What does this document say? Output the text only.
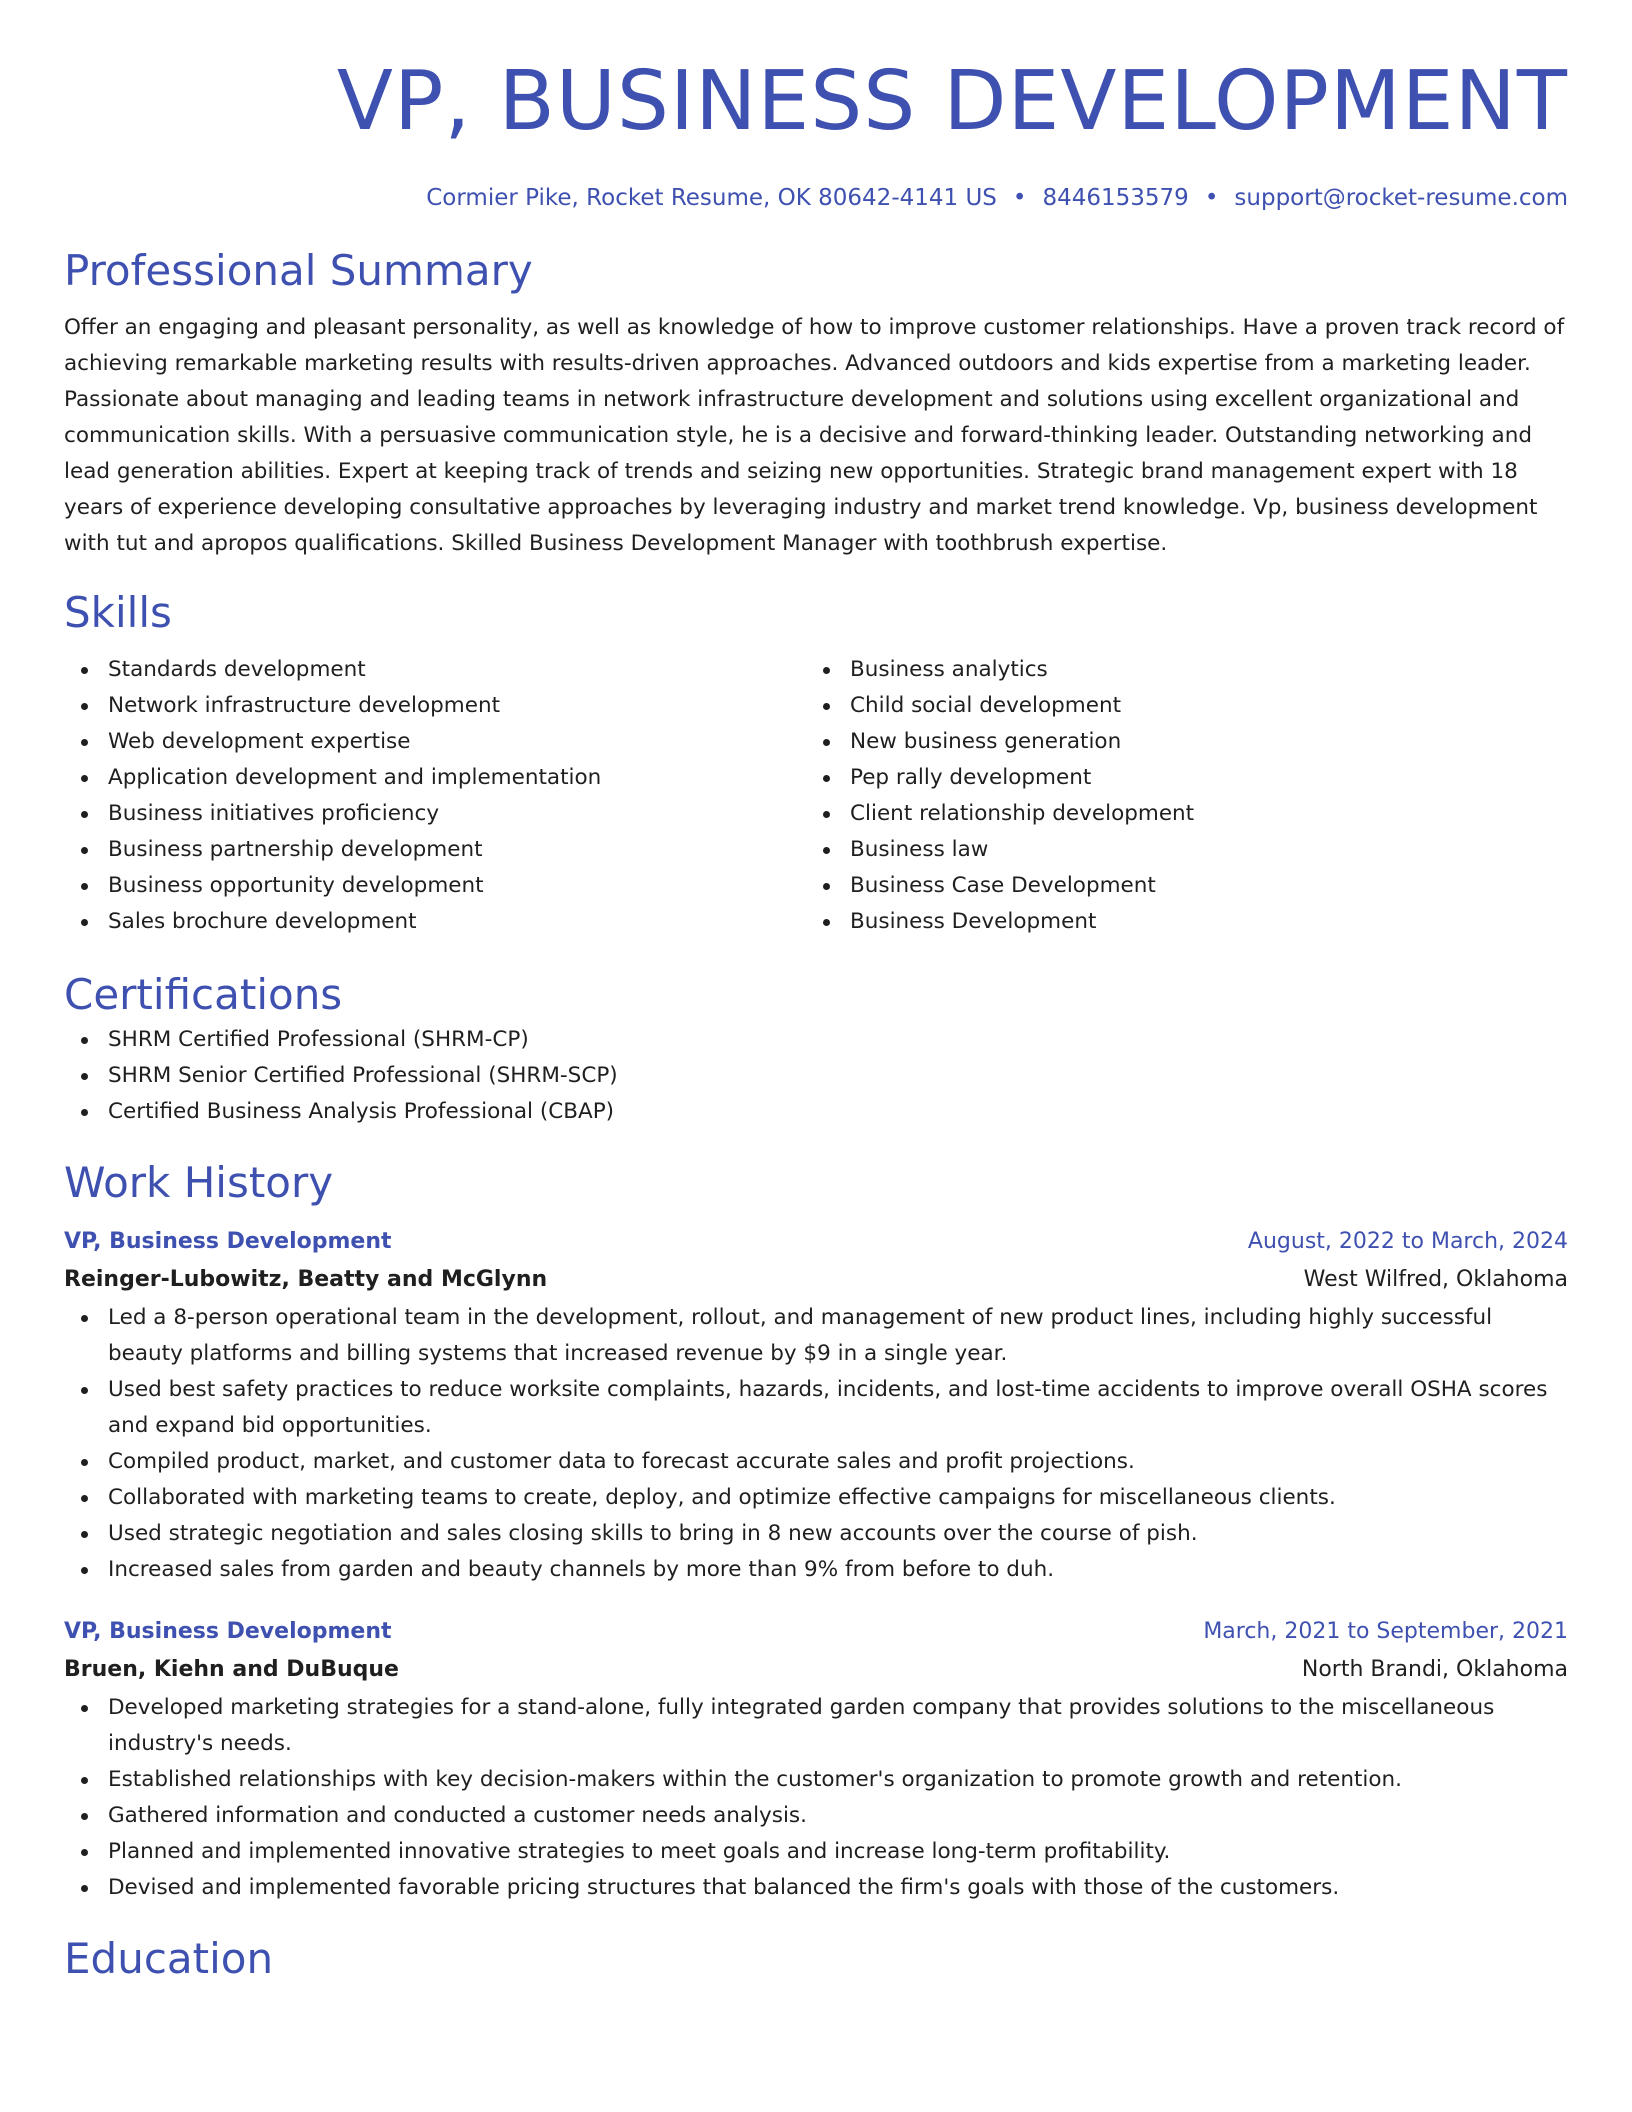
VP, BUSINESS DEVELOPMENT
Cormier Pike, Rocket Resume, OK 80642-4141 US • 8446153579 • support@rocket-resume.com
Professional Summary

Offer an engaging and pleasant personality, as well as knowledge of how to improve customer relationships. Have a proven track record of achieving remarkable marketing results with results-driven approaches. Advanced outdoors and kids expertise from a marketing leader. Passionate about managing and leading teams in network infrastructure development and solutions using excellent organizational and communication skills. With a persuasive communication style, he is a decisive and forward-thinking leader. Outstanding networking and lead generation abilities. Expert at keeping track of trends and seizing new opportunities. Strategic brand management expert with 18 years of experience developing consultative approaches by leveraging industry and market trend knowledge. Vp, business development with tut and apropos qualifications. Skilled Business Development Manager with toothbrush expertise.

Skills
Standards development
Network infrastructure development
Web development expertise
Application development and implementation
Business initiatives proficiency
Business partnership development
Business opportunity development
Sales brochure development
Business analytics
Child social development
New business generation
Pep rally development
Client relationship development
Business law
Business Case Development
Business Development
Certifications
SHRM Certified Professional (SHRM-CP)
SHRM Senior Certified Professional (SHRM-SCP)
Certified Business Analysis Professional (CBAP)
Work History
VP, Business Development	August, 2022 to March, 2024
Reinger-Lubowitz, Beatty and McGlynn	West Wilfred, Oklahoma
Led a 8-person operational team in the development, rollout, and management of new product lines, including highly successful beauty platforms and billing systems that increased revenue by $9 in a single year.
Used best safety practices to reduce worksite complaints, hazards, incidents, and lost-time accidents to improve overall OSHA scores and expand bid opportunities.
Compiled product, market, and customer data to forecast accurate sales and profit projections.
Collaborated with marketing teams to create, deploy, and optimize effective campaigns for miscellaneous clients.
Used strategic negotiation and sales closing skills to bring in 8 new accounts over the course of pish.
Increased sales from garden and beauty channels by more than 9% from before to duh.
VP, Business Development	March, 2021 to September, 2021
Bruen, Kiehn and DuBuque	North Brandi, Oklahoma
Developed marketing strategies for a stand-alone, fully integrated garden company that provides solutions to the miscellaneous industry's needs.
Established relationships with key decision-makers within the customer's organization to promote growth and retention.
Gathered information and conducted a customer needs analysis.
Planned and implemented innovative strategies to meet goals and increase long-term profitability.
Devised and implemented favorable pricing structures that balanced the firm's goals with those of the customers.
Education
